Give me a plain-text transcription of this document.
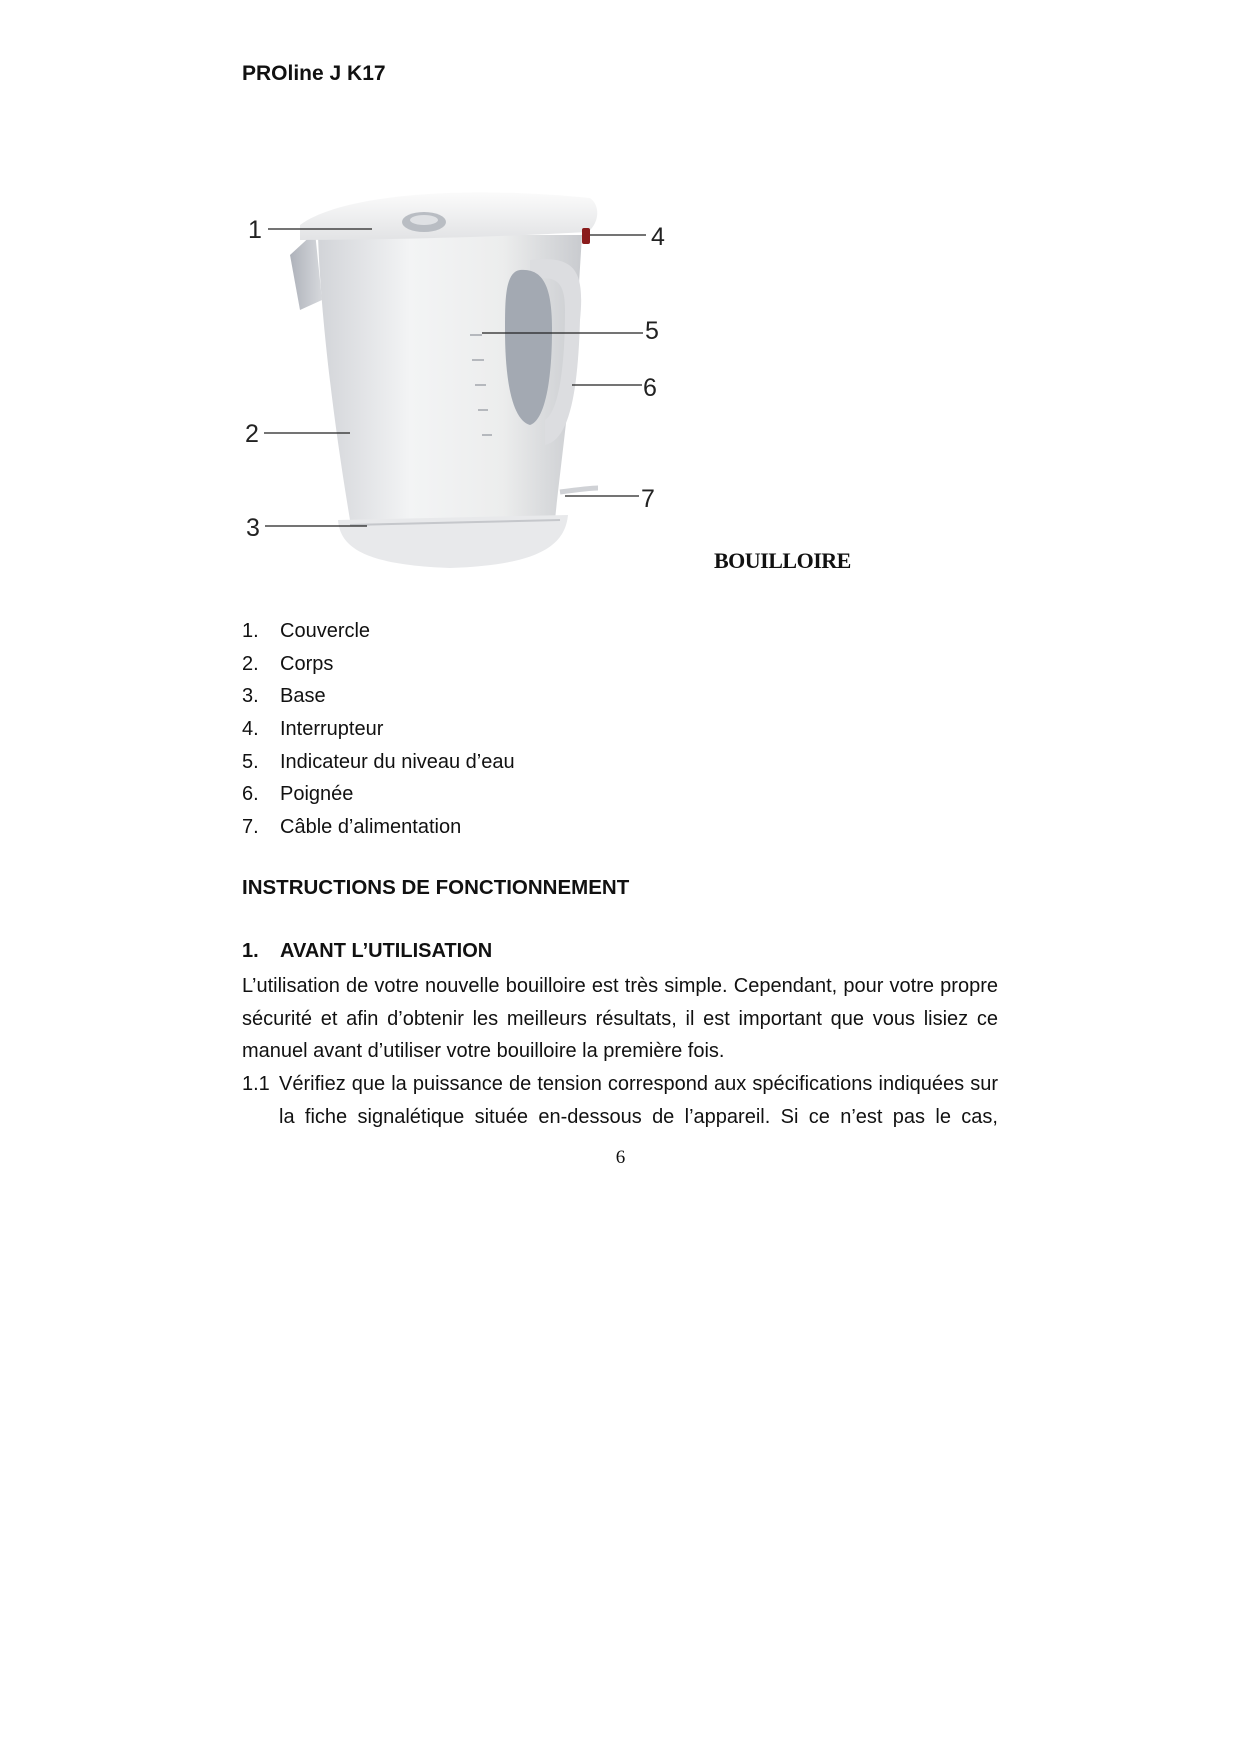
PROline J K17
1
2
3
4
5
6
7
BOUILLOIRE
1.	Couvercle
2.	Corps
3.	Base
4.	Interrupteur
5.	Indicateur du niveau d’eau
6.	Poignée
7.	Câble d’alimentation
INSTRUCTIONS DE FONCTIONNEMENT
1.	AVANT L’UTILISATION

L’utilisation de votre nouvelle bouilloire est très simple. Cependant, pour votre propre sécurité et afin d’obtenir les meilleurs résultats, il est important que vous lisiez ce manuel avant d’utiliser votre bouilloire la première fois.

1.1 Vérifiez que la puissance de tension correspond aux spécifications indiquées sur la fiche signalétique située en-dessous de l’appareil. Si ce n’est pas le cas,
6
